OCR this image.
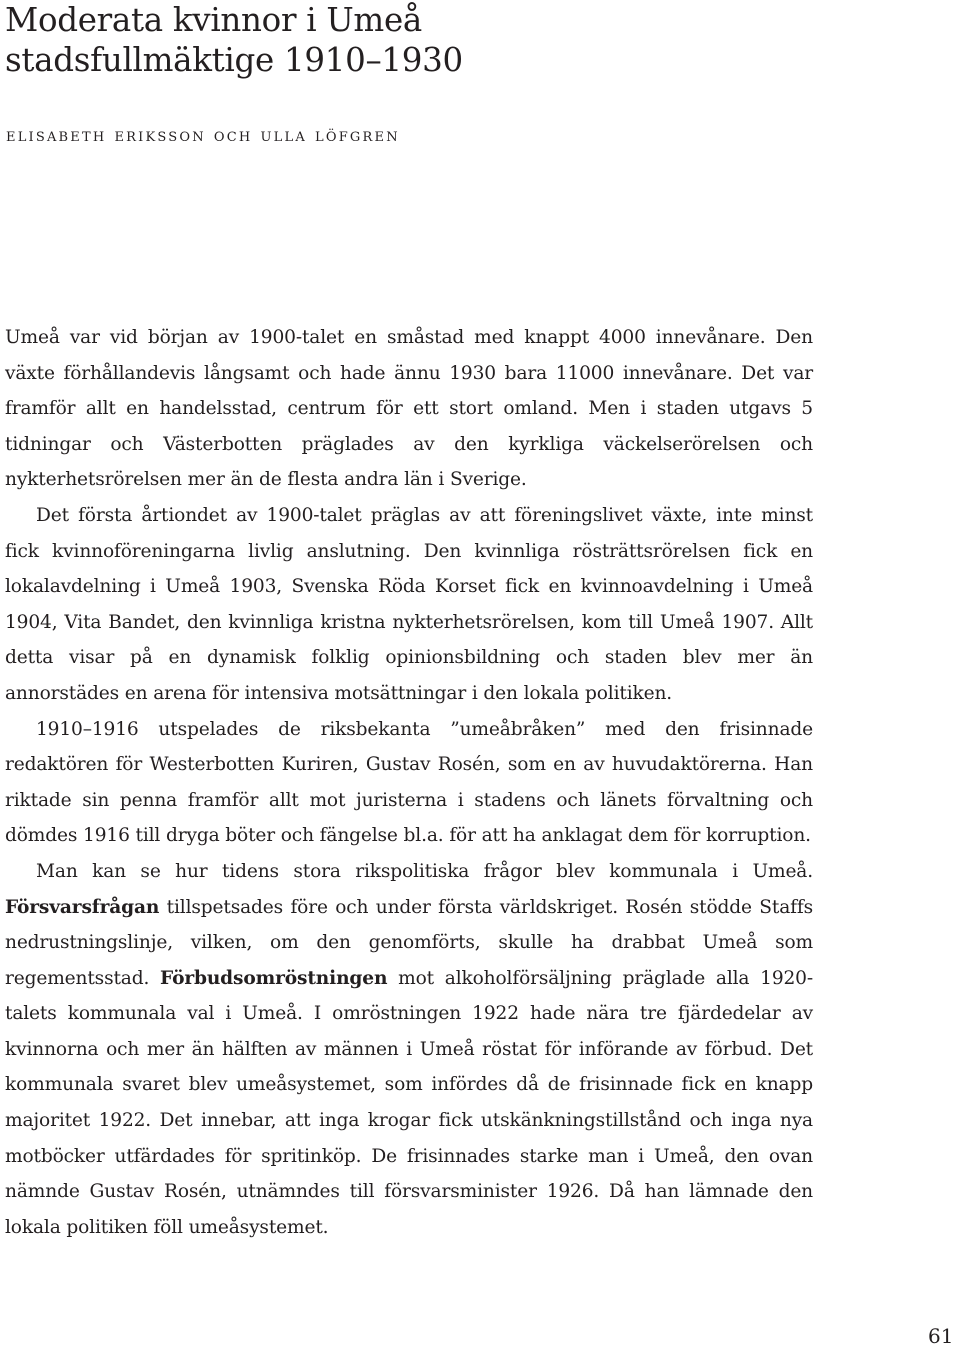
Moderata kvinnor i Umeå
stadsfullmäktige 1910–1930

elisabeth eriksson och ulla löfgren

Umeå var vid början av 1900-talet en småstad med knappt 4000 innevånare. Den växte förhållandevis långsamt och hade ännu 1930 bara 11000 innevånare. Det var framför allt en handelsstad, centrum för ett stort omland. Men i staden utgavs 5 tidningar och Västerbotten präglades av den kyrkliga väckelserörelsen och nykterhetsrörelsen mer än de flesta andra län i Sverige.

Det första årtiondet av 1900-talet präglas av att föreningslivet växte, inte minst fick kvinnoföreningarna livlig anslutning. Den kvinnliga rösträttsrörelsen fick en lokalavdelning i Umeå 1903, Svenska Röda Korset fick en kvinnoavdelning i Umeå 1904, Vita Bandet, den kvinnliga kristna nykterhetsrörelsen, kom till Umeå 1907. Allt detta visar på en dynamisk folklig opinionsbildning och staden blev mer än annorstädes en arena för intensiva motsättningar i den lokala politiken.

1910–1916 utspelades de riksbekanta ”umeåbråken” med den frisinnade redaktören för Westerbotten Kuriren, Gustav Rosén, som en av huvudaktörerna. Han riktade sin penna framför allt mot juristerna i stadens och länets förvaltning och dömdes 1916 till dryga böter och fängelse bl.a. för att ha anklagat dem för korruption.

Man kan se hur tidens stora rikspolitiska frågor blev kommunala i Umeå. Försvarsfrågan tillspetsades före och under första världskriget. Rosén stödde Staffs nedrustningslinje, vilken, om den genomförts, skulle ha drabbat Umeå som regementsstad. Förbudsomröstningen mot alkoholförsäljning präglade alla 1920-talets kommunala val i Umeå. I omröstningen 1922 hade nära tre fjärdedelar av kvinnorna och mer än hälften av männen i Umeå röstat för införande av förbud. Det kommunala svaret blev umeåsystemet, som infördes då de frisinnade fick en knapp majoritet 1922. Det innebar, att inga krogar fick utskänkningstillstånd och inga nya motböcker utfärdades för spritinköp. De frisinnades starke man i Umeå, den ovan nämnde Gustav Rosén, utnämndes till försvarsminister 1926. Då han lämnade den lokala politiken föll umeåsystemet.

61
